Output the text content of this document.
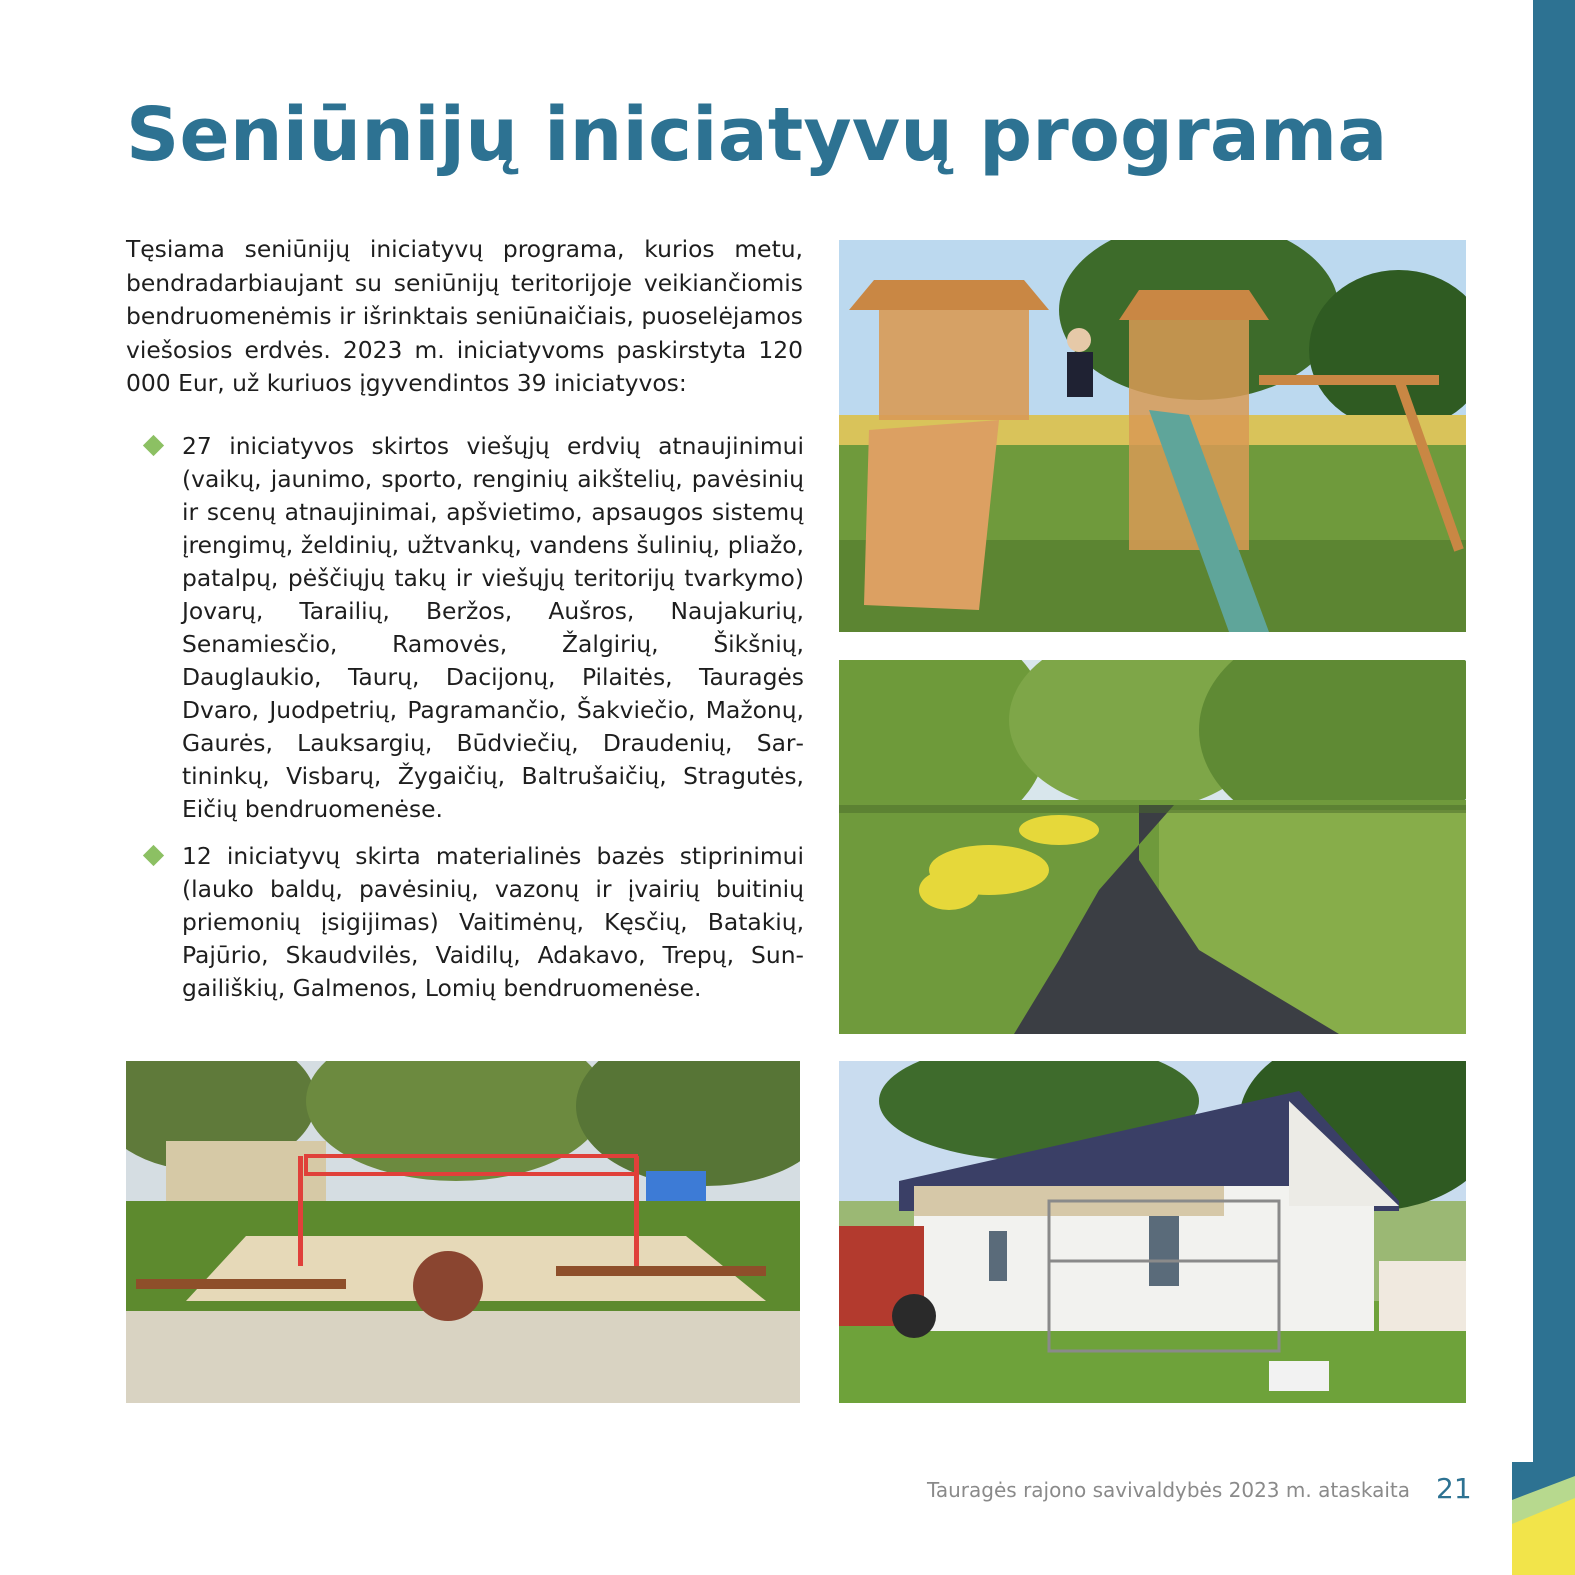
Seniūnijų iniciatyvų programa

Tęsiama seniūnijų iniciatyvų programa, kurios metu, bendradarbiaujant su seniūnijų teritorijoje veikiančiomis bendruomenėmis ir išrinktais seniūnaičiais, puoselėjamos viešosios erdvės. 2023 m. iniciatyvoms paskirstyta 120 000 Eur, už kuriuos įgyvendintos 39 iniciatyvos:

27 iniciatyvos skirtos viešųjų erdvių atnaujinimui (vaikų, jaunimo, sporto, renginių aikštelių, pavėsinių ir scenų atnaujinimai, apšvietimo, apsaugos sistemų įrengimų, želdinių, užtvankų, vandens šulinių, pliažo, patalpų, pėščiųjų takų ir viešųjų teritorijų tvarkymo) Jovarų, Tarailių, Beržos, Aušros, Naujakurių, Senamiesčio, Ramovės, Žalgirių, Šikšnių, Dauglaukio, Taurų, Dacijonų, Pilaitės, Tauragės Dvaro, Juodpetrių, Pagramančio, Šakviečio, Mažonų, Gaurės, Lauksargių, Būdviečių, Draudenių, Sartininkų, Visbarų, Žygaičių, Baltrušaičių, Stragutės, Eičių bendruomenėse.
12 iniciatyvų skirta materialinės bazės stiprinimui (lauko baldų, pavėsinių, vazonų ir įvairių buitinių priemonių įsigijimas) Vaitimėnų, Kęsčių, Batakių, Pajūrio, Skaudvilės, Vaidilų, Adakavo, Trepų, Sungailiškių, Galmenos, Lomių bendruomenėse.
Tauragės rajono savivaldybės 2023 m. ataskaita 21
